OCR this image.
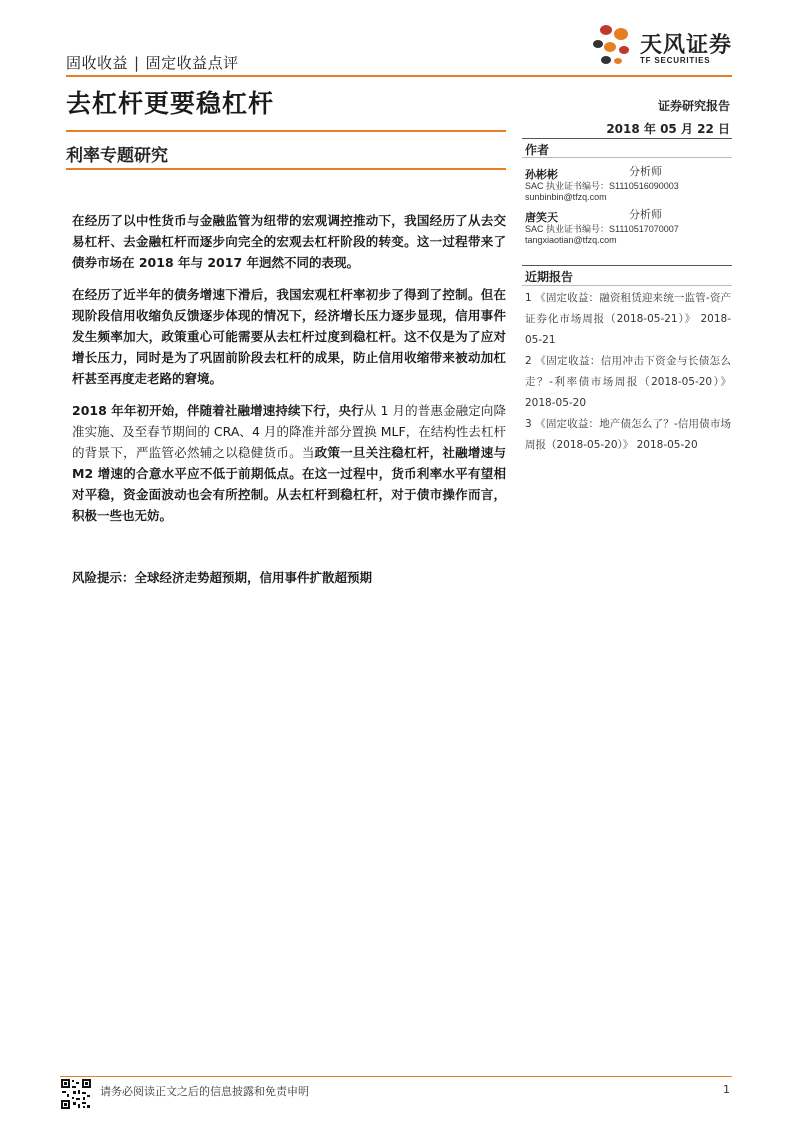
固收收益 | 固定收益点评
天风证券
TF SECURITIES
去杠杆更要稳杠杆	证券研究报告
2018 年 05 月 22 日
利率专题研究	作者
孙彬彬	分析师
SAC 执业证书编号：S1110516090003
sunbinbin@tfzq.com
唐笑天	分析师
SAC 执业证书编号：S1110517070007
tangxiaotian@tfzq.com
近期报告

1 《固定收益：融资租赁迎来统一监管-资产证券化市场周报（2018-05-21）》 2018-05-21

2 《固定收益：信用冲击下资金与长债怎么走？-利率债市场周报（2018-05-20）》 2018-05-20

3 《固定收益：地产债怎么了？-信用债市场周报（2018-05-20）》 2018-05-20

在经历了以中性货币与金融监管为纽带的宏观调控推动下，我国经历了从去交易杠杆、去金融杠杆而逐步向完全的宏观去杠杆阶段的转变。这一过程带来了债券市场在 2018 年与 2017 年迥然不同的表现。

在经历了近半年的债务增速下滑后，我国宏观杠杆率初步了得到了控制。但在现阶段信用收缩负反馈逐步体现的情况下，经济增长压力逐步显现，信用事件发生频率加大，政策重心可能需要从去杠杆过度到稳杠杆。这不仅是为了应对增长压力，同时是为了巩固前阶段去杠杆的成果，防止信用收缩带来被动加杠杆甚至再度走老路的窘境。

2018 年年初开始，伴随着社融增速持续下行，央行从 1 月的普惠金融定向降准实施、及至春节期间的 CRA、4 月的降准并部分置换 MLF，在结构性去杠杆的背景下，严监管必然辅之以稳健货币。当政策一旦关注稳杠杆，社融增速与 M2 增速的合意水平应不低于前期低点。在这一过程中，货币利率水平有望相对平稳，资金面波动也会有所控制。从去杠杆到稳杠杆，对于债市操作而言，积极一些也无妨。

风险提示：全球经济走势超预期，信用事件扩散超预期
请务必阅读正文之后的信息披露和免责申明	1
